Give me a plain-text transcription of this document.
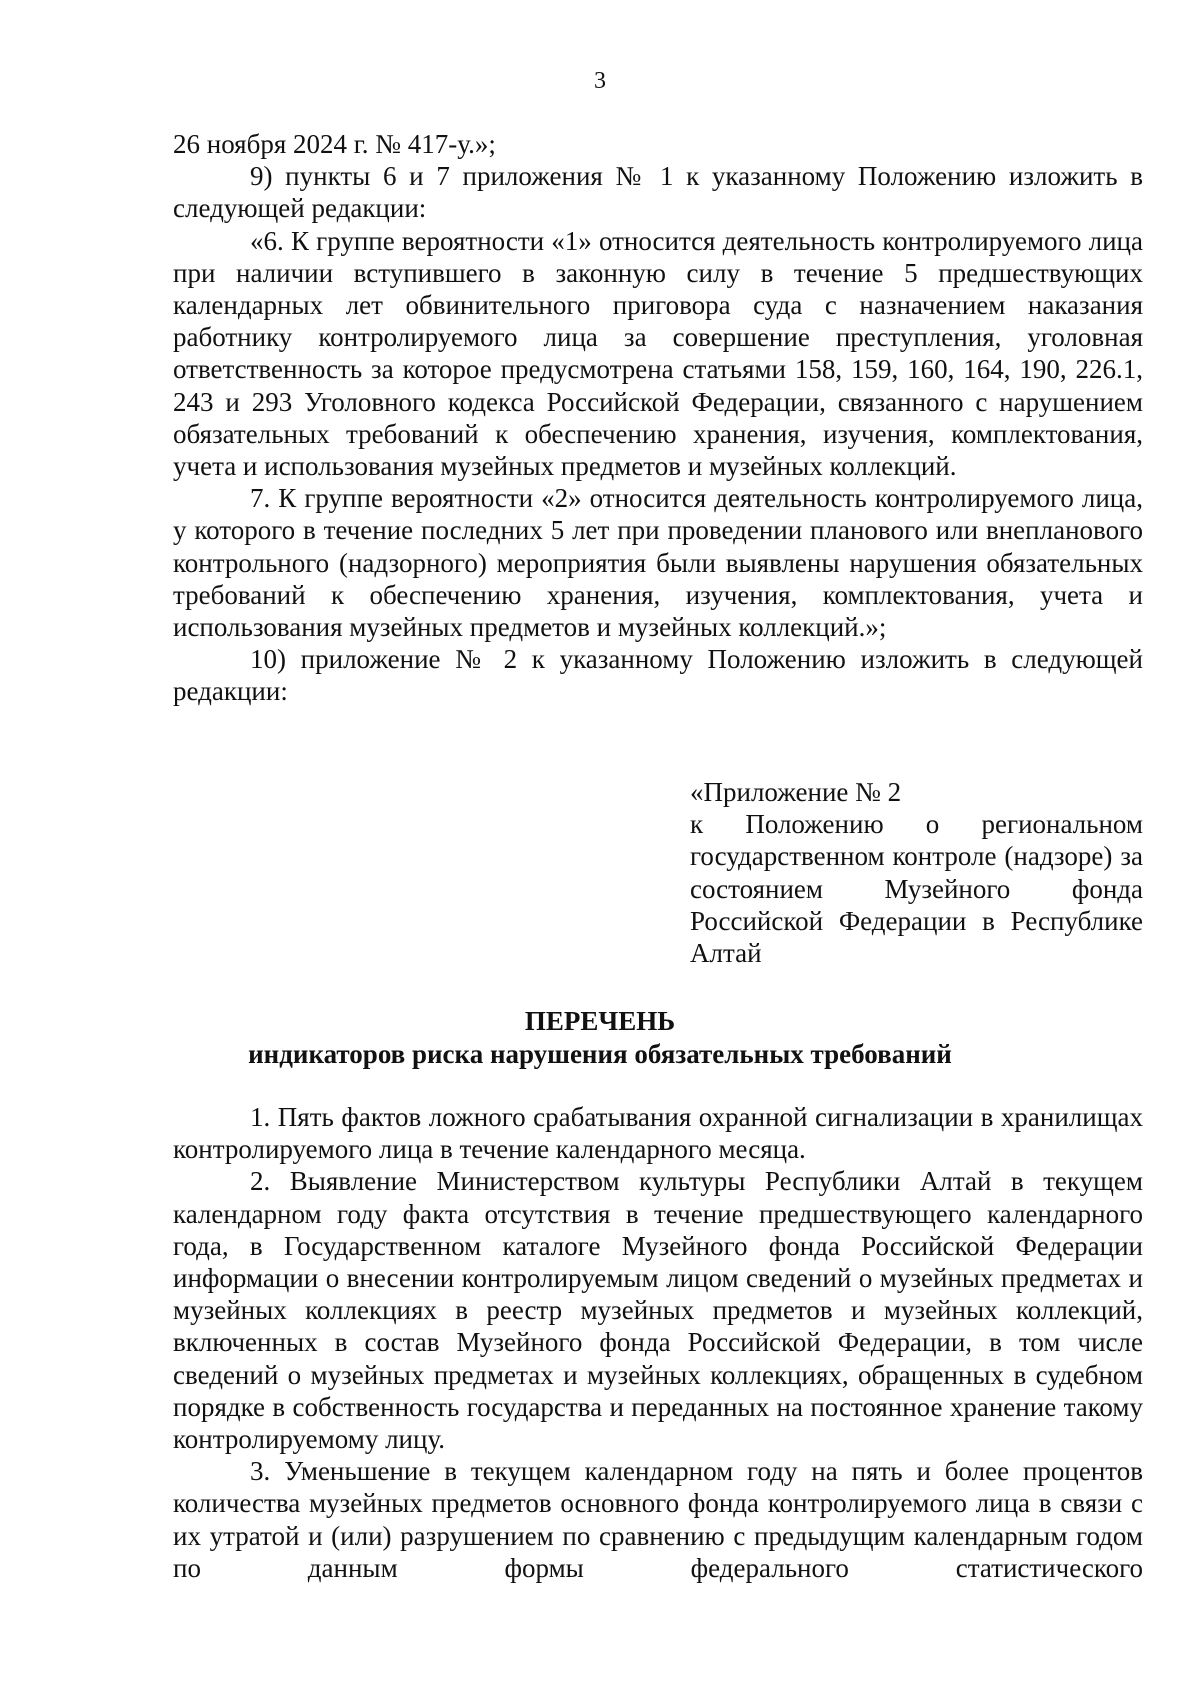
3

26 ноября 2024 г. № 417-у.»;

9) пункты 6 и 7 приложения № 1 к указанному Положению изложить в следующей редакции:

«6. К группе вероятности «1» относится деятельность контролируемого лица при наличии вступившего в законную силу в течение 5 предшествующих календарных лет обвинительного приговора суда с назначением наказания работнику контролируемого лица за совершение преступления, уголовная ответственность за которое предусмотрена статьями 158, 159, 160, 164, 190, 226.1, 243 и 293 Уголовного кодекса Российской Федерации, связанного с нарушением обязательных требований к обеспечению хранения, изучения, комплектования, учета и использования музейных предметов и музейных коллекций.

7. К группе вероятности «2» относится деятельность контролируемого лица, у которого в течение последних 5 лет при проведении планового или внепланового контрольного (надзорного) мероприятия были выявлены нарушения обязательных требований к обеспечению хранения, изучения, комплектования, учета и использования музейных предметов и музейных коллекций.»;

10) приложение № 2 к указанному Положению изложить в следующей редакции:

«Приложение № 2

к Положению о региональном государственном контроле (надзоре) за состоянием Музейного фонда Российской Федерации в Республике Алтай

ПЕРЕЧЕНЬ
индикаторов риска нарушения обязательных требований

1. Пять фактов ложного срабатывания охранной сигнализации в хранилищах контролируемого лица в течение календарного месяца.

2. Выявление Министерством культуры Республики Алтай в текущем календарном году факта отсутствия в течение предшествующего календарного года, в Государственном каталоге Музейного фонда Российской Федерации информации о внесении контролируемым лицом сведений о музейных предметах и музейных коллекциях в реестр музейных предметов и музейных коллекций, включенных в состав Музейного фонда Российской Федерации, в том числе сведений о музейных предметах и музейных коллекциях, обращенных в судебном порядке в собственность государства и переданных на постоянное хранение такому контролируемому лицу.

3. Уменьшение в текущем календарном году на пять и более процентов количества музейных предметов основного фонда контролируемого лица в связи с их утратой и (или) разрушением по сравнению с предыдущим календарным годом по данным формы федерального статистического
